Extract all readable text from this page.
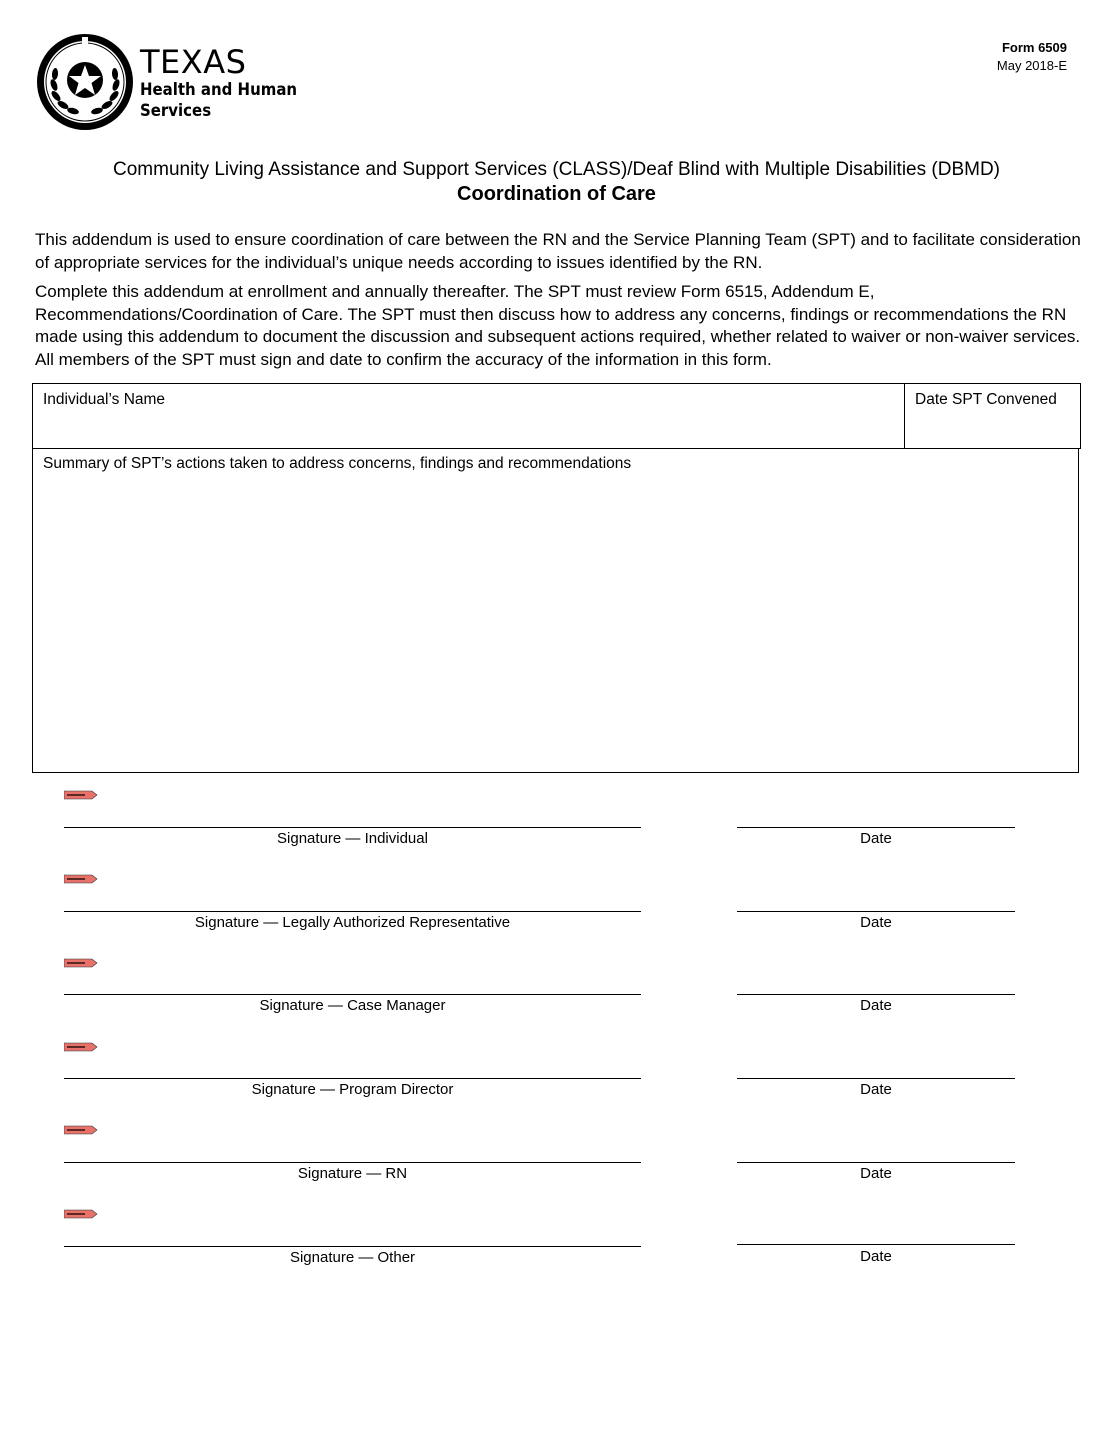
TEXAS
Health and Human
Services
Form 6509
May 2018-E
Community Living Assistance and Support Services (CLASS)/Deaf Blind with Multiple Disabilities (DBMD)
Coordination of Care
This addendum is used to ensure coordination of care between the RN and the Service Planning Team (SPT) and to facilitate consideration of appropriate services for the individual’s unique needs according to issues identified by the RN.
Complete this addendum at enrollment and annually thereafter. The SPT must review Form 6515, Addendum E, Recommendations/Coordination of Care. The SPT must then discuss how to address any concerns, findings or recommendations the RN made using this addendum to document the discussion and subsequent actions required, whether related to waiver or non-waiver services. All members of the SPT must sign and date to confirm the accuracy of the information in this form.
Individual’s Name	Date SPT Convened
Summary of SPT’s actions taken to address concerns, findings and recommendations
Signature — Individual	Date
Signature — Legally Authorized Representative	Date
Signature — Case Manager	Date
Signature — Program Director	Date
Signature — RN	Date
Signature — Other	Date
